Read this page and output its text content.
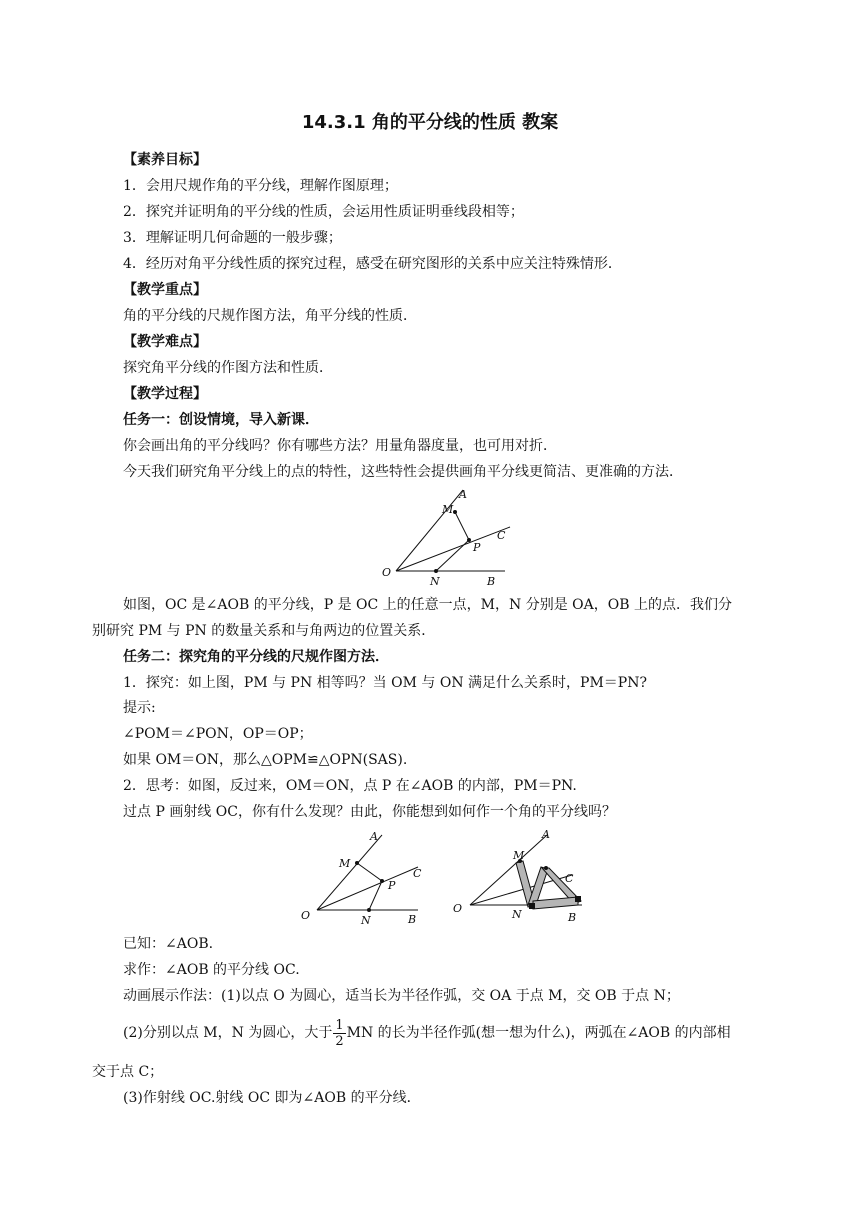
14.3.1 角的平分线的性质 教案
【素养目标】
1．会用尺规作角的平分线，理解作图原理；
2．探究并证明角的平分线的性质，会运用性质证明垂线段相等；
3．理解证明几何命题的一般步骤；
4．经历对角平分线性质的探究过程，感受在研究图形的关系中应关注特殊情形．
【教学重点】
角的平分线的尺规作图方法，角平分线的性质．
【教学难点】
探究角平分线的作图方法和性质．
【教学过程】
任务一：创设情境，导入新课．
你会画出角的平分线吗？你有哪些方法？用量角器度量，也可用对折．
今天我们研究角平分线上的点的特性，这些特性会提供画角平分线更简洁、更准确的方法．
A
M
P
C
O
N	B
如图，OC 是∠AOB 的平分线，P 是 OC 上的任意一点，M，N 分别是 OA，OB 上的点．我们分
别研究 PM 与 PN 的数量关系和与角两边的位置关系．
任务二：探究角的平分线的尺规作图方法．
1．探究：如上图，PM 与 PN 相等吗？当 OM 与 ON 满足什么关系时，PM＝PN?
提示:
∠POM＝∠PON，OP＝OP；
如果 OM＝ON，那么△OPM≌△OPN(SAS).
2．思考：如图，反过来，OM＝ON，点 P 在∠AOB 的内部，PM＝PN.
过点 P 画射线 OC，你有什么发现？由此，你能想到如何作一个角的平分线吗？
A
M
P
C
O	N	B
A
M
C
O	N	B
已知：∠AOB.
求作：∠AOB 的平分线 OC.
动画展示作法：(1)以点 O 为圆心，适当长为半径作弧，交 OA 于点 M，交 OB 于点 N；
(2)分别以点 M，N 为圆心，大于 $\frac{1}{2}$ MN 的长为半径作弧(想一想为什么)，两弧在∠AOB 的内部相
交于点 C；
(3)作射线 OC.射线 OC 即为∠AOB 的平分线．
